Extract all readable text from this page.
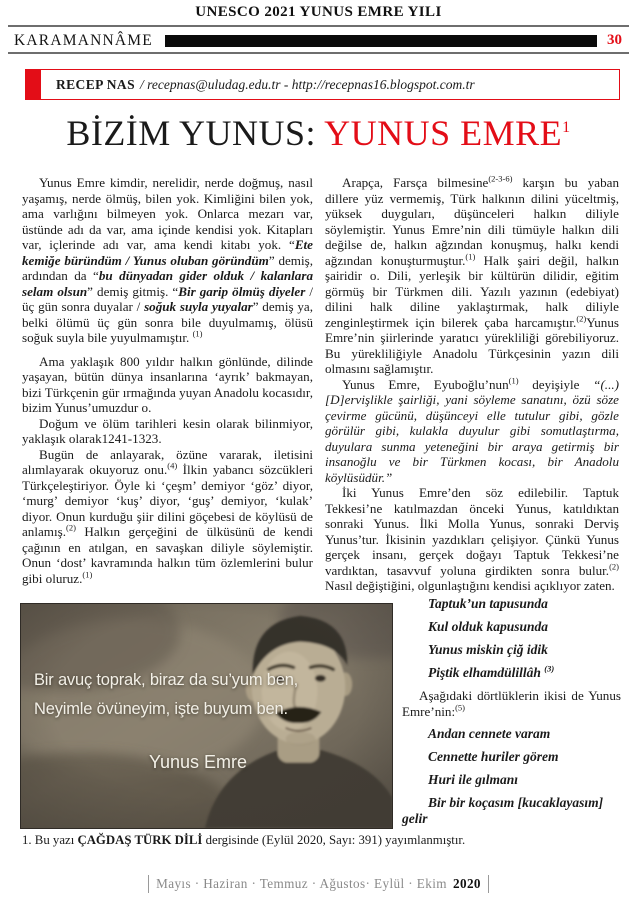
UNESCO 2021 YUNUS EMRE YILI
KARAMANNÂME	30
RECEP NAS / recepnas@uludag.edu.tr - http://recepnas16.blogspot.com.tr
BİZİM YUNUS: YUNUS EMRE$^1$

Yunus Emre kimdir, nerelidir, nerde doğmuş, nasıl yaşamış, nerde ölmüş, bilen yok. Kimliğini bilen yok, ama varlığını bilmeyen yok. Onlarca mezarı var, üstünde adı da var, ama içinde kendisi yok. Kitapları var, içlerinde adı var, ama kendi kitabı yok. “Ete kemiğe büründüm / Yunus oluban göründüm” demiş, ardından da “bu dünyadan gider olduk / kalanlara selam olsun” demiş gitmiş. “Bir garip ölmüş diyeler / üç gün sonra duyalar / soğuk suyla yuyalar” demiş ya, belki ölümü üç gün sonra bile duyulmamış, ölüsü soğuk suyla bile yuyulmamıştır. $^{(1)}$

Ama yaklaşık 800 yıldır halkın gönlünde, dilinde yaşayan, bütün dünya insanlarına ‘ayrık’ bakmayan, bizi Türkçenin gür ırmağında yuyan Anadolu kocasıdır, bizim Yunus’umuzdur o.

Doğum ve ölüm tarihleri kesin olarak bilinmiyor, yaklaşık olarak1241-1323.

Bugün de anlayarak, özüne vararak, iletisini alımlayarak okuyoruz onu.$^{(4)}$ İlkin yabancı sözcükleri Türkçeleştiriyor. Öyle ki ‘çeşm’ demiyor ‘göz’ diyor, ‘murg’ demiyor ‘kuş’ diyor, ‘guş’ demiyor, ‘kulak’ diyor. Onun kurduğu şiir dilini göçebesi de köylüsü de anlamış.$^{(2)}$ Halkın gerçeğini de ülküsünü de kendi çağının en atılgan, en savaşkan diliyle söylemiştir. Onun ‘dost’ kavramında halkın tüm özlemlerini bulur gibi oluruz.$^{(1)}$

Arapça, Farsça bilmesine$^{(2-3-6)}$ karşın bu yaban dillere yüz vermemiş, Türk halkının dilini yüceltmiş, yüksek duyguları, düşünceleri halkın diliyle söylemiştir. Yunus Emre’nin dili tümüyle halkın dili değilse de, halkın ağzından konuşmuş, halkı kendi ağzından konuşturmuştur.$^{(1)}$ Halk şairi değil, halkın şairidir o. Dili, yerleşik bir kültürün dilidir, eğitim görmüş bir Türkmen dili. Yazılı yazının (edebiyat) dilini halk diline yaklaştırmak, halk diliyle zenginleştirmek için bilerek çaba harcamıştır.$^{(2)}$Yunus Emre’nin şiirlerinde yaratıcı yürekliliği görebiliyoruz. Bu yürekliliğiyle Anadolu Türkçesinin yazın dili olmasını sağlamıştır.

Yunus Emre, Eyuboğlu’nun$^{(1)}$ deyişiyle “(...) [D]ervişlikle şairliği, yani söyleme sanatını, özü söze çevirme gücünü, düşünceyi elle tutulur gibi, gözle görülür gibi, kulakla duyulur gibi somutlaştırma, duyulara sunma yeteneğini bir araya getirmiş bir insanoğlu ve bir Türkmen kocası, bir Anadolu köylüsüdür.”

İki Yunus Emre’den söz edilebilir. Taptuk Tekkesi’ne katılmazdan önceki Yunus, katıldıktan sonraki Yunus. İlki Molla Yunus, sonraki Derviş Yunus’tur. İkisinin yazdıkları çelişiyor. Çünkü Yunus gerçek insanı, gerçek doğayı Taptuk Tekkesi’ne vardıktan, tasavvuf yoluna girdikten sonra bulur.$^{(2)}$ Nasıl değiştiğini, olgunlaştığını kendisi açıklıyor zaten.

Taptuk’un tapusunda

Kul olduk kapusunda

Yunus miskin çiğ idik

Piştik elhamdülillâh $^{(3)}$

Aşağıdaki dörtlüklerin ikisi de Yunus Emre’nin:$^{(5)}$

Andan cennete varam

Cennette huriler görem

Huri ile gılmanı

Bir bir koçasım [kucaklayasım] gelir

Bir avuç toprak, biraz da su’yum ben,
Neyimle övüneyim, işte buyum ben.
Yunus Emre
1. Bu yazı ÇAĞDAŞ TÜRK DİLİ dergisinde (Eylül 2020, Sayı: 391) yayımlanmıştır.
Mayıs · Haziran · Temmuz · Ağustos· Eylül · Ekim 2020
